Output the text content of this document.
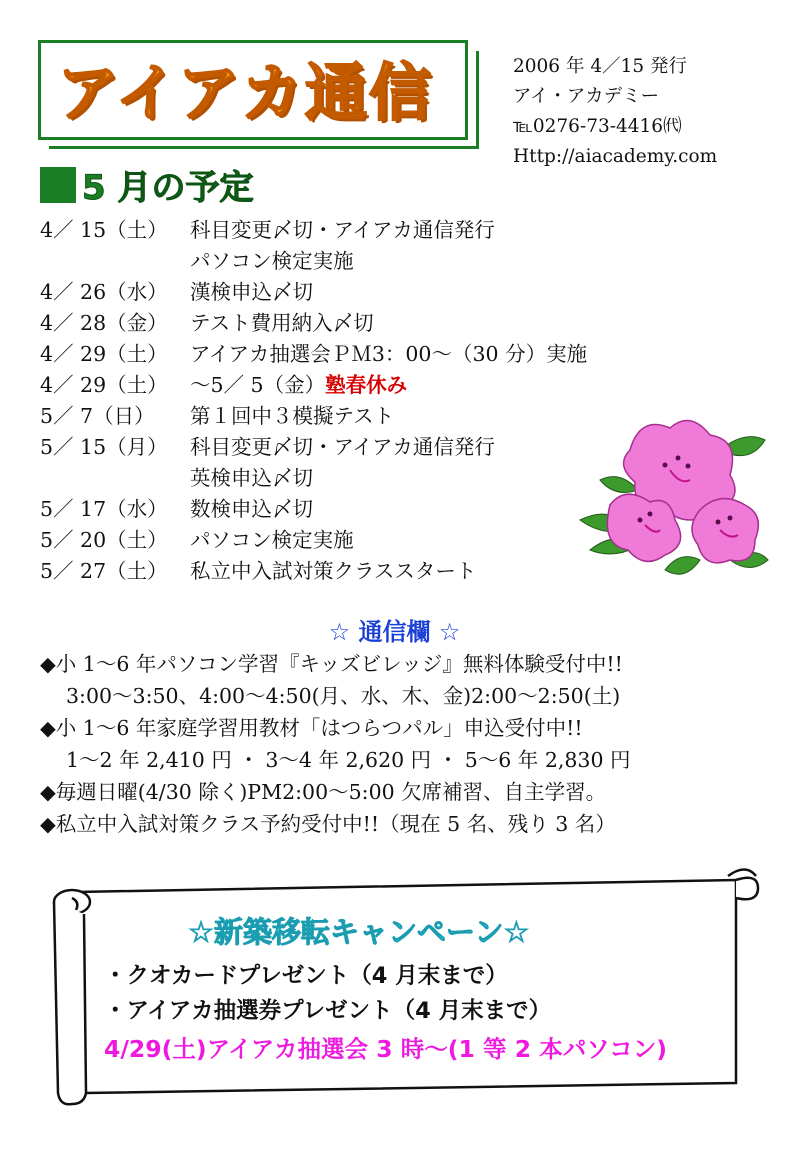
アイアカ通信	2006 年 4／15 発行
アイ・アカデミー
℡0276-73-4416㈹
Http://aiacademy.com
5 月の予定
4／ 15（土）	科目変更〆切・アイアカ通信発行
パソコン検定実施
4／ 26（水）	漢検申込〆切
4／ 28（金）	テスト費用納入〆切
4／ 29（土）	アイアカ抽選会ＰＭ3：00～（30 分）実施
4／ 29（土）	～5／ 5（金）塾春休み
5／ 7（日）	第１回中３模擬テスト
5／ 15（月）	科目変更〆切・アイアカ通信発行
英検申込〆切
5／ 17（水）	数検申込〆切
5／ 20（土）	パソコン検定実施
5／ 27（土）	私立中入試対策クラススタート
☆ 通信欄 ☆
◆小 1～6 年パソコン学習『キッズビレッジ』無料体験受付中!!
3:00～3:50、4:00～4:50(月、水、木、金)2:00～2:50(土)
◆小 1～6 年家庭学習用教材「はつらつパル」申込受付中!!
1～2 年 2,410 円 ・ 3～4 年 2,620 円 ・ 5～6 年 2,830 円
◆毎週日曜(4/30 除く)PM2:00～5:00 欠席補習、自主学習。
◆私立中入試対策クラス予約受付中!!（現在 5 名、残り 3 名）
☆新築移転キャンペーン☆
・クオカードプレゼント（4 月末まで）
・アイアカ抽選券プレゼント（4 月末まで）
4/29(土)アイアカ抽選会 3 時～(1 等 2 本パソコン)
